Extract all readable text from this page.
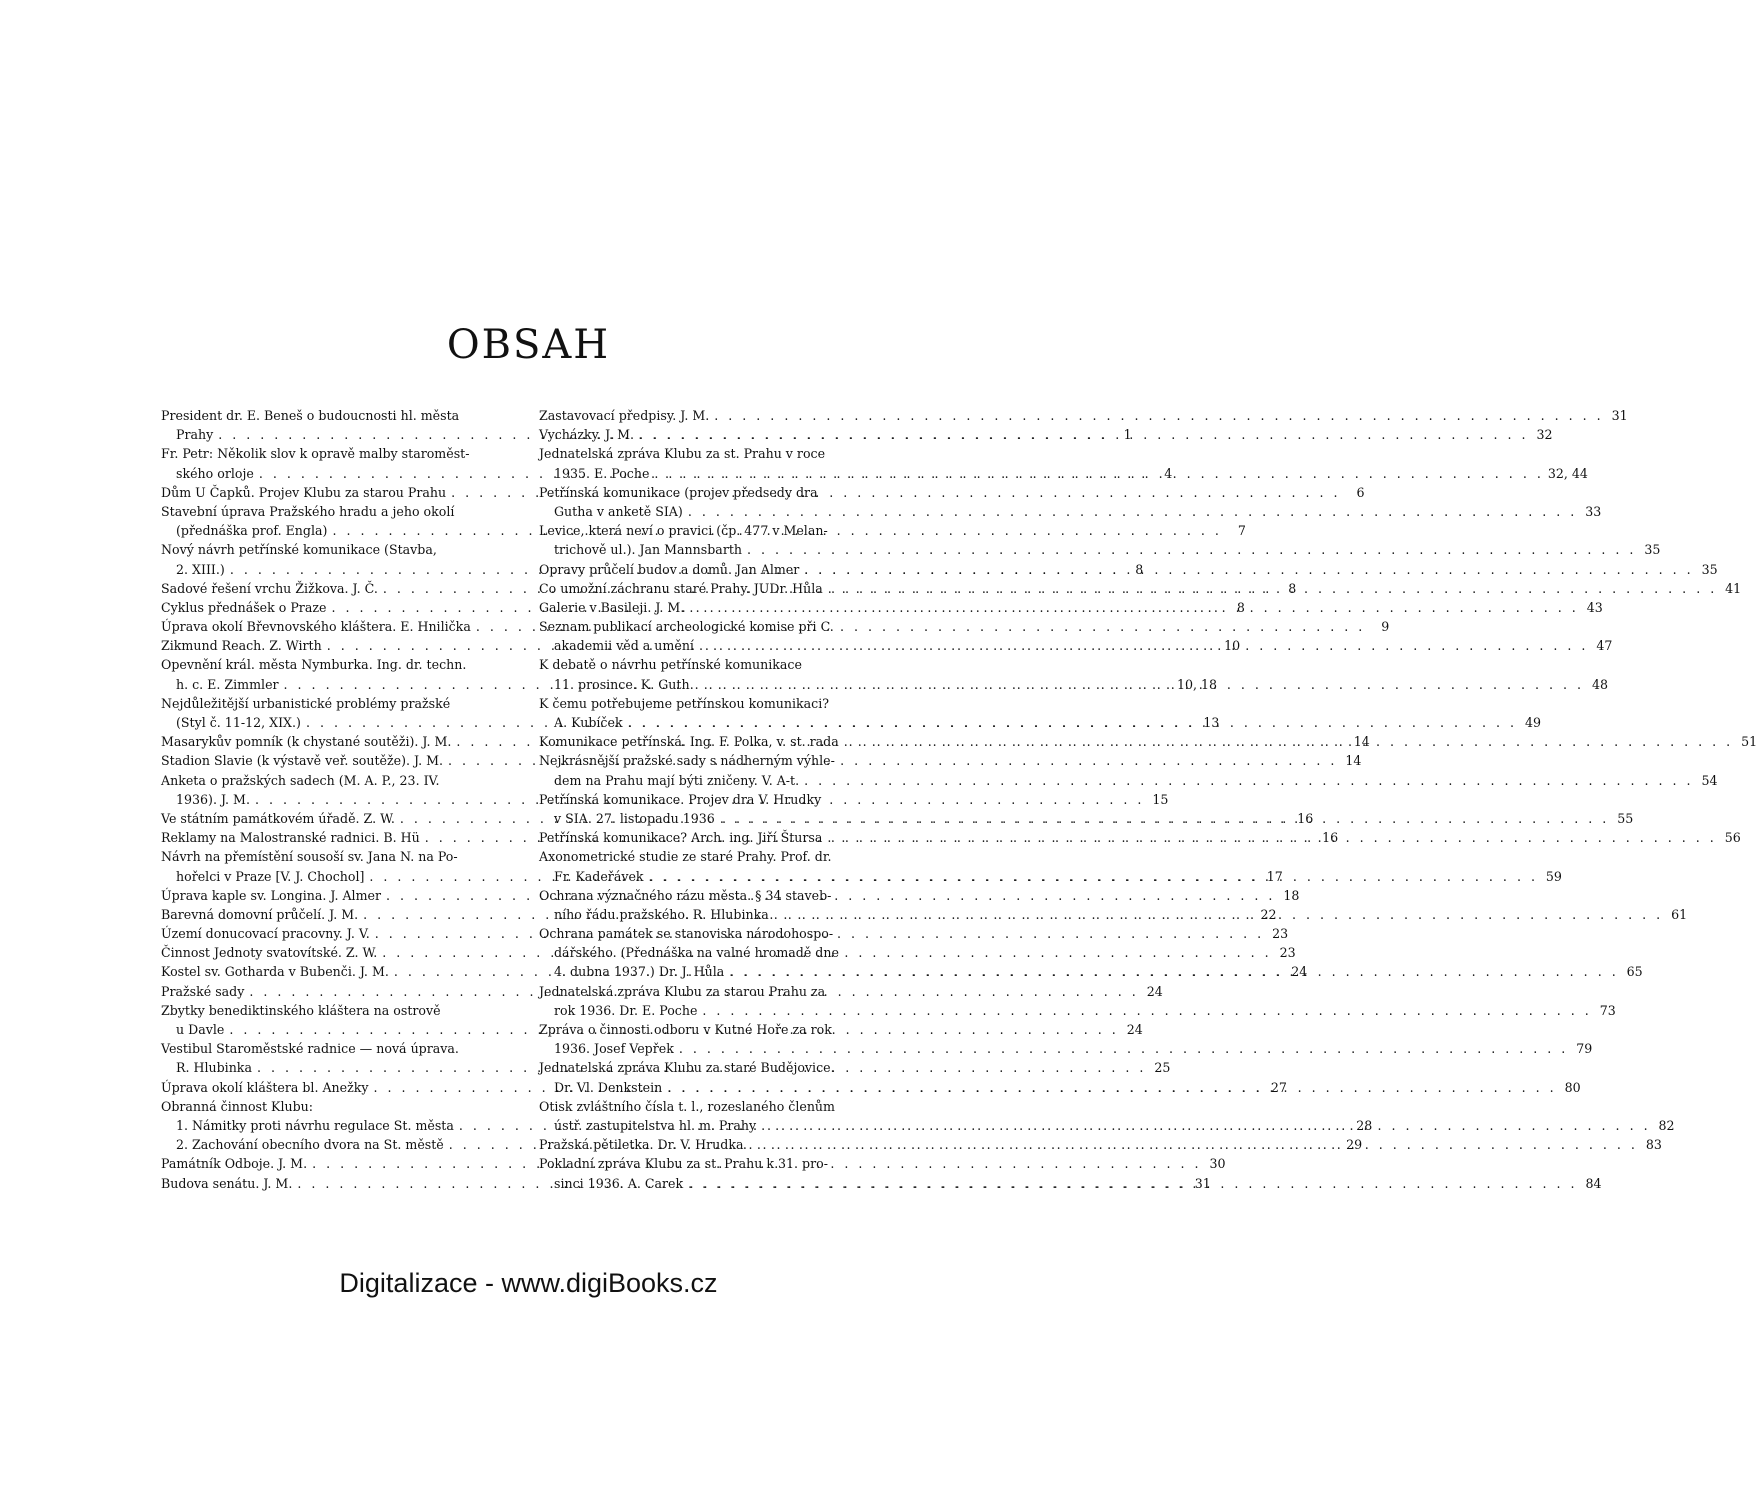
OBSAH
President dr. E. Beneš o budoucnosti hl. města
Prahy . . .	1
Fr. Petr: Několik slov k opravě malby staroměst-
ského orloje . . .	4
Dům U Čapků. Projev Klubu za starou Prahu . . .	6
Stavební úprava Pražského hradu a jeho okolí
(přednáška prof. Engla) . . .	7
Nový návrh petřínské komunikace (Stavba,
2. XIII.) . . .	8
Sadové řešení vrchu Žižkova. J. Č. . . .	8
Cyklus přednášek o Praze . . .	8
Úprava okolí Břevnovského kláštera. E. Hnilička . . .	9
Zikmund Reach. Z. Wirth . . .	10
Opevnění král. města Nymburka. Ing. dr. techn.
h. c. E. Zimmler . . .	10, 18
Nejdůležitější urbanistické problémy pražské
(Styl č. 11-12, XIX.) . . .	13
Masarykův pomník (k chystané soutěži). J. M. . . .	14
Stadion Slavie (k výstavě veř. soutěže). J. M. . . .	14
Anketa o pražských sadech (M. A. P., 23. IV.
1936). J. M. . . .	15
Ve státním památkovém úřadě. Z. W. . . .	16
Reklamy na Malostranské radnici. B. Hü . . .	16
Návrh na přemístění sousoší sv. Jana N. na Po-
hořelci v Praze [V. J. Chochol] . . .	17
Úprava kaple sv. Longina. J. Almer . . .	18
Barevná domovní průčelí. J. M. . . .	22
Území donucovací pracovny. J. V. . . .	23
Činnost Jednoty svatovítské. Z. W. . . .	23
Kostel sv. Gotharda v Bubenči. J. M. . . .	24
Pražské sady . . .	24
Zbytky benediktinského kláštera na ostrově
u Davle . . .	24
Vestibul Staroměstské radnice — nová úprava.
R. Hlubinka . . .	25
Úprava okolí kláštera bl. Anežky . . .	27
Obranná činnost Klubu:
1. Námitky proti návrhu regulace St. města . . .	28
2. Zachování obecního dvora na St. městě . . .	29
Památník Odboje. J. M. . . .	30
Budova senátu. J. M. . . .	31
Zastavovací předpisy. J. M. . . .	31
Vycházky. J. M. . . .	32
Jednatelská zpráva Klubu za st. Prahu v roce
1935. E. Poche . . .	32, 44
Petřínská komunikace (projev předsedy dra
Gutha v anketě SIA) . . .	33
Levice, která neví o pravici (čp. 477 v Melan-
trichově ul.). Jan Mannsbarth . . .	35
Opravy průčelí budov a domů. Jan Almer . . .	35
Co umožní záchranu staré Prahy. JUDr. Hůla . . .	41
Galerie v Basileji. J. M. . . .	43
Seznam publikací archeologické komise při C.
akademii věd a umění . . .	47
K debatě o návrhu petřínské komunikace
11. prosince. K. Guth . . .	48
K čemu potřebujeme petřínskou komunikaci?
A. Kubíček . . .	49
Komunikace petřínská. Ing. F. Polka, v. st. rada . . .	51
Nejkrásnější pražské sady s nádherným výhle-
dem na Prahu mají býti zničeny. V. A-t. . . .	54
Petřínská komunikace. Projev dra V. Hrudky
v SIA. 27. listopadu 1936 . . .	55
Petřínská komunikace? Arch. ing. Jiří Štursa . . .	56
Axonometrické studie ze staré Prahy. Prof. dr.
Fr. Kadeřávek . . .	59
Ochrana význačného rázu města. § 34 staveb-
ního řádu pražského. R. Hlubinka . . .	61
Ochrana památek se stanoviska národohospo-
dářského. (Přednáška na valné hromadě dne
4. dubna 1937.) Dr. J. Hůla . . .	65
Jednatelská zpráva Klubu za starou Prahu za
rok 1936. Dr. E. Poche . . .	73
Zpráva o činnosti odboru v Kutné Hoře za rok
1936. Josef Vepřek . . .	79
Jednatelská zpráva Klubu za staré Budějovice.
Dr. Vl. Denkstein . . .	80
Otisk zvláštního čísla t. l., rozeslaného členům
ústř. zastupitelstva hl. m. Prahy . . .	82
Pražská pětiletka. Dr. V. Hrudka . . .	83
Pokladní zpráva Klubu za st. Prahu k 31. pro-
sinci 1936. A. Carek . . .	84
Digitalizace - www.digiBooks.cz
